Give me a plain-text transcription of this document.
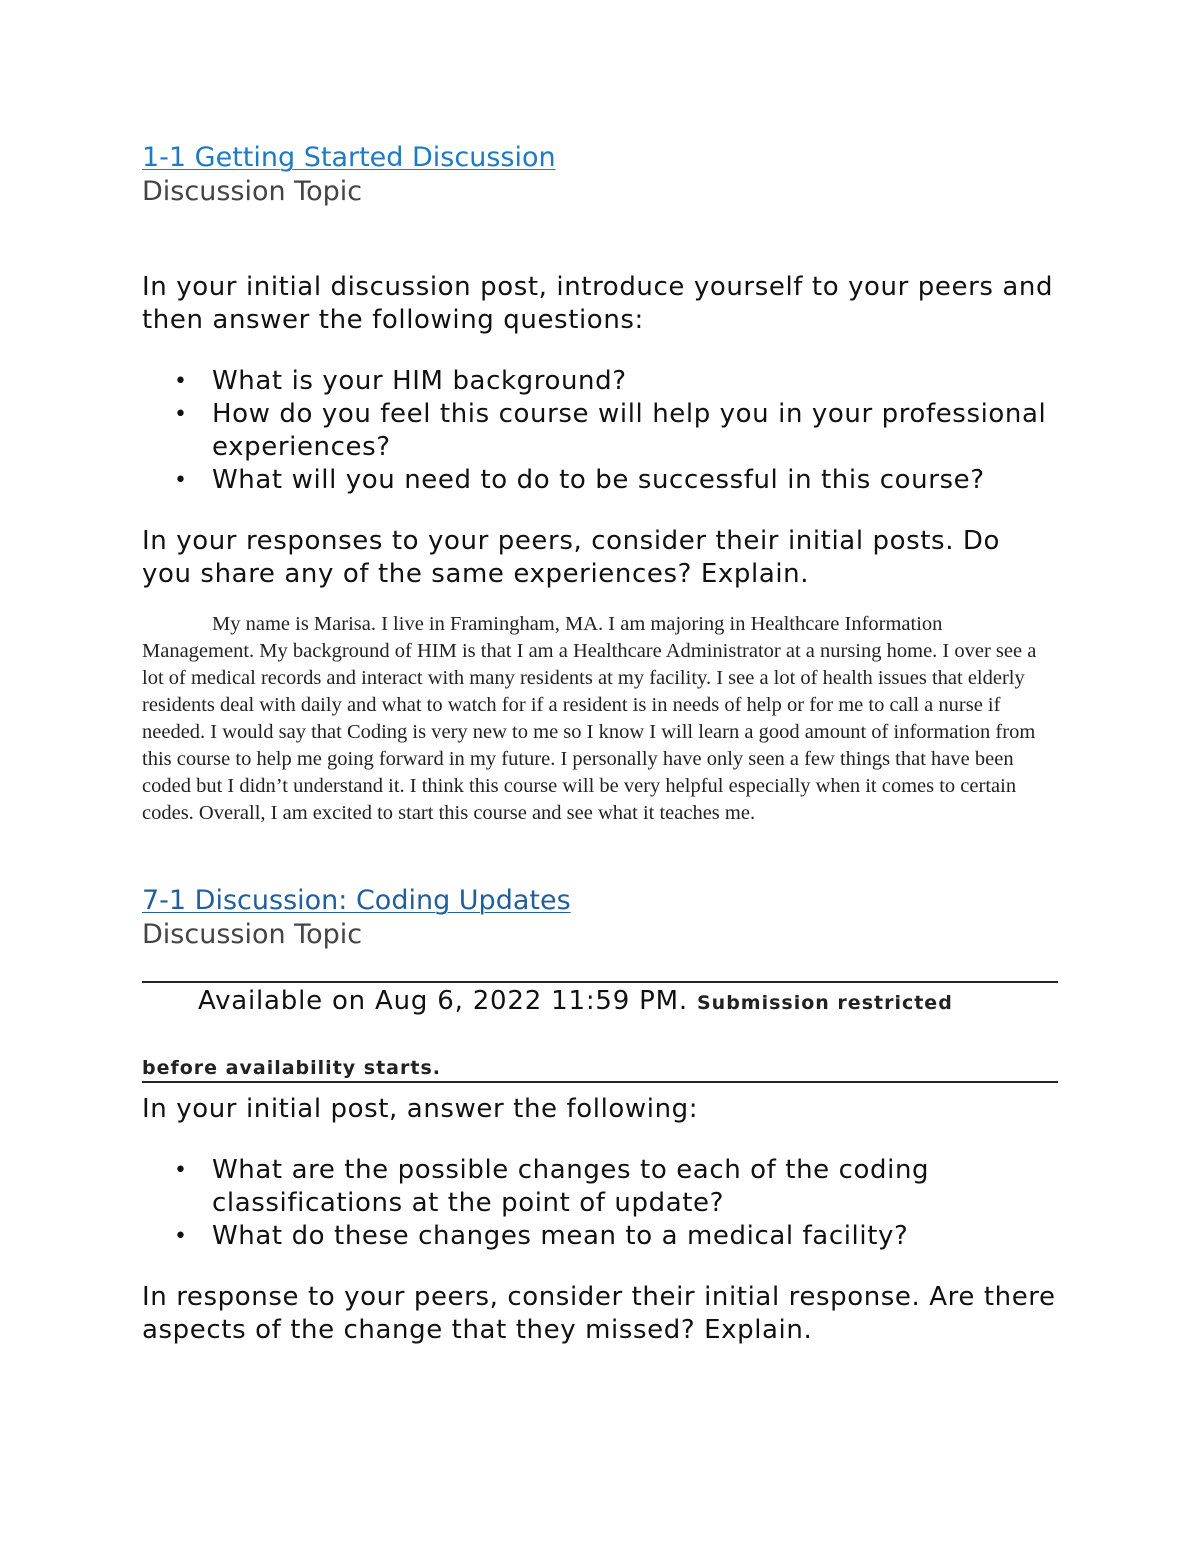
1-1 Getting Started Discussion

Discussion Topic

In your initial discussion post, introduce yourself to your peers and then answer the following questions:

• What is your HIM background?
• How do you feel this course will help you in your professional experiences?
• What will you need to do to be successful in this course?

In your responses to your peers, consider their initial posts. Do you share any of the same experiences? Explain.

My name is Marisa. I live in Framingham, MA. I am majoring in Healthcare Information Management. My background of HIM is that I am a Healthcare Administrator at a nursing home. I over see a lot of medical records and interact with many residents at my facility. I see a lot of health issues that elderly residents deal with daily and what to watch for if a resident is in needs of help or for me to call a nurse if needed. I would say that Coding is very new to me so I know I will learn a good amount of information from this course to help me going forward in my future. I personally have only seen a few things that have been coded but I didn’t understand it. I think this course will be very helpful especially when it comes to certain codes. Overall, I am excited to start this course and see what it teaches me.

7-1 Discussion: Coding Updates

Discussion Topic

Available on Aug 6, 2022 11:59 PM. Submission restricted
before availability starts.

In your initial post, answer the following:

• What are the possible changes to each of the coding classifications at the point of update?
• What do these changes mean to a medical facility?

In response to your peers, consider their initial response. Are there aspects of the change that they missed? Explain.
